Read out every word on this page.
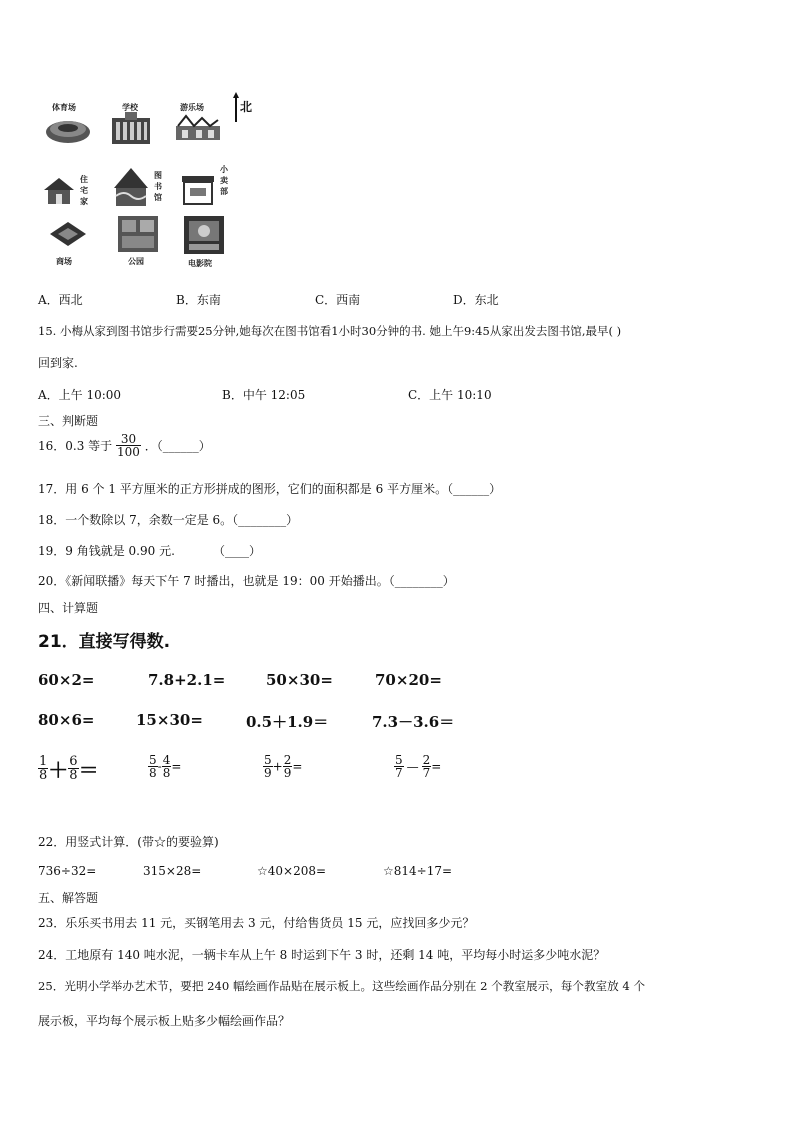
北
体育场	学校	游乐场
住宅家
图书馆
小卖部
商场	公园	电影院
A．西北	B．东南	C．西南	D．东北
15. 小梅从家到图书馆步行需要25分钟,她每次在图书馆看1小时30分钟的书. 她上午9:45从家出发去图书馆,最早( )
回到家.
A．上午 10:00	B．中午 12:05	C．上午 10:10
三、判断题
16．0.3 等于 $\frac{30}{100}$ ．（______）
17．用 6 个 1 平方厘米的正方形拼成的图形，它们的面积都是 6 平方厘米。（______）
18．一个数除以 7，余数一定是 6。（________）
19．9 角钱就是 0.90 元.          （____）
20．《新闻联播》每天下午 7 时播出，也就是 19：00 开始播出。（________）
四、计算题
21．直接写得数.
60×2=	7.8+2.1=	50×30=	70×20=
80×6=	15×30=	0.5＋1.9＝	7.3－3.6＝
$\frac{1}{8} + \frac{6}{8}$ ＝	$\frac{5}{8} - \frac{4}{8}$ =	$\frac{5}{9} + \frac{2}{9}$ =	$\frac{5}{7}$ — $\frac{2}{7}$ =
22．用竖式计算．(带☆的要验算)
736÷32=	315×28=	☆40×208=	☆814÷17=
五、解答题
23．乐乐买书用去 11 元，买钢笔用去 3 元，付给售货员 15 元，应找回多少元？
24．工地原有 140 吨水泥，一辆卡车从上午 8 时运到下午 3 时，还剩 14 吨，平均每小时运多少吨水泥？
25．光明小学举办艺术节，要把 240 幅绘画作品贴在展示板上。这些绘画作品分别在 2 个教室展示，每个教室放 4 个
展示板，平均每个展示板上贴多少幅绘画作品？
